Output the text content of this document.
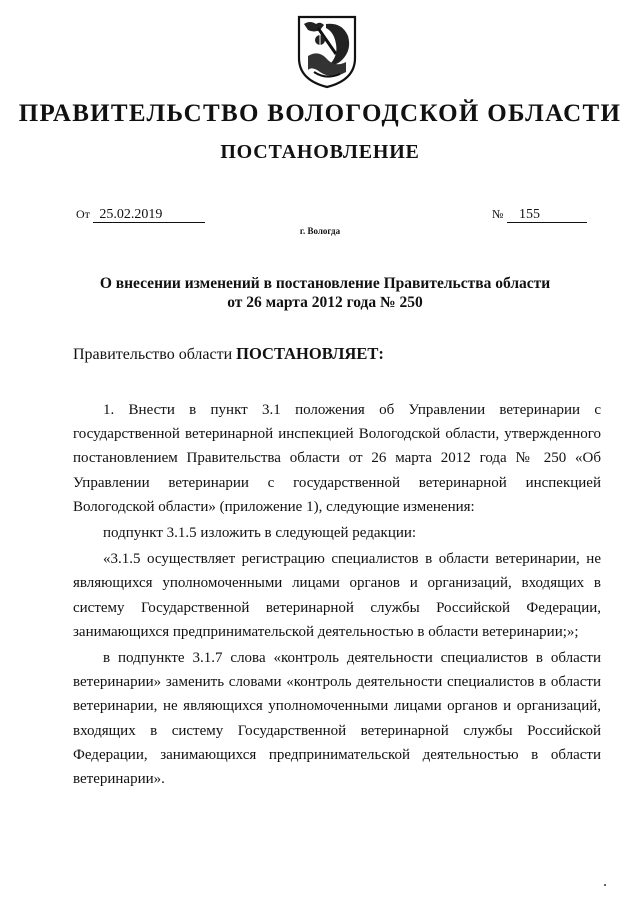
ПРАВИТЕЛЬСТВО ВОЛОГОДСКОЙ ОБЛАСТИ
ПОСТАНОВЛЕНИЕ
От 25.02.2019	№ 155
г. Вологда
О внесении изменений в постановление Правительства области
от 26 марта 2012 года № 250
Правительство области ПОСТАНОВЛЯЕТ:

1. Внести в пункт 3.1 положения об Управлении ветеринарии с государственной ветеринарной инспекцией Вологодской области, утвержденного постановлением Правительства области от 26 марта 2012 года № 250 «Об Управлении ветеринарии с государственной ветеринарной инспекцией Вологодской области» (приложение 1), следующие изменения:

подпункт 3.1.5 изложить в следующей редакции:

«3.1.5 осуществляет регистрацию специалистов в области ветеринарии, не являющихся уполномоченными лицами органов и организаций, входящих в систему Государственной ветеринарной службы Российской Федерации, занимающихся предпринимательской деятельностью в области ветеринарии;»;

в подпункте 3.1.7 слова «контроль деятельности специалистов в области ветеринарии» заменить словами «контроль деятельности специалистов в области ветеринарии, не являющихся уполномоченными лицами органов и организаций, входящих в систему Государственной ветеринарной службы Российской Федерации, занимающихся предпринимательской деятельностью в области ветеринарии».
